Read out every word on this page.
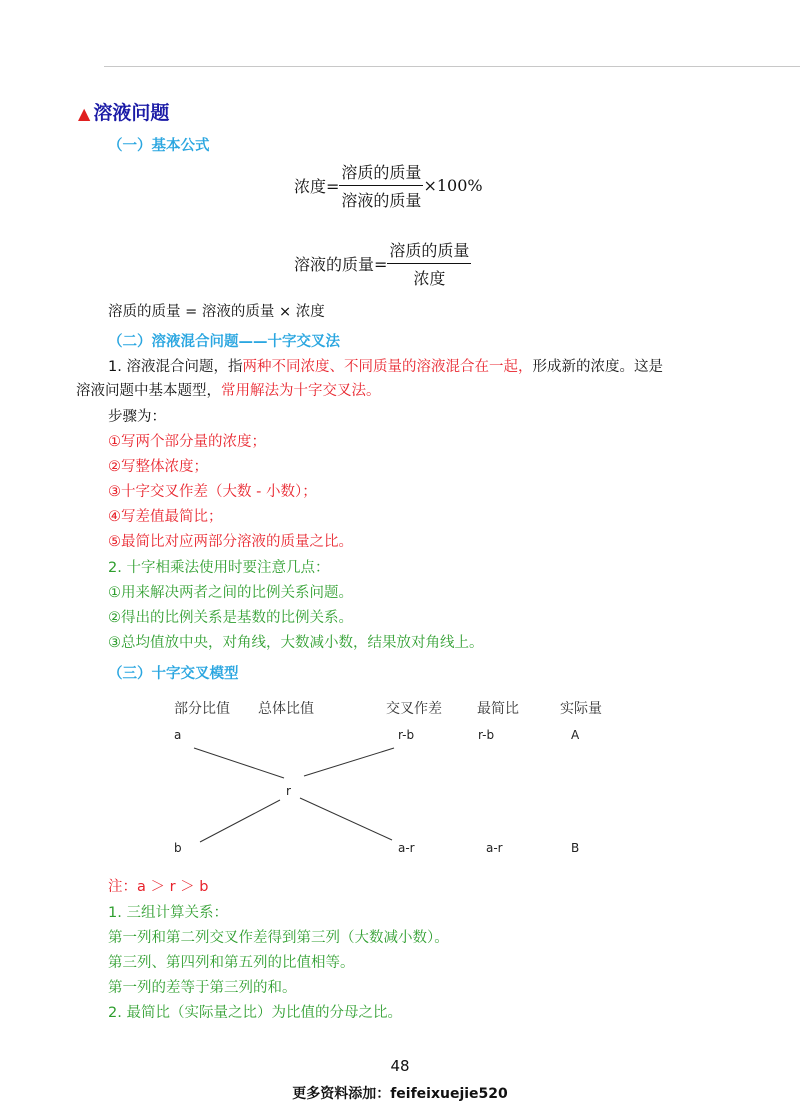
▲ 溶液问题
（一）基本公式
浓度= $\frac{\text{溶质的质量}}{\text{溶液的质量}} \times 100\%$
溶液的质量= $\frac{\text{溶质的质量}}{\text{浓度}}$
溶质的质量 = 溶液的质量 × 浓度
（二）溶液混合问题——十字交叉法
1. 溶液混合问题，指两种不同浓度、不同质量的溶液混合在一起，形成新的浓度。这是
溶液问题中基本题型，常用解法为十字交叉法。
步骤为：
①写两个部分量的浓度；
②写整体浓度；
③十字交叉作差（大数 - 小数）；
④写差值最简比；
⑤最简比对应两部分溶液的质量之比。
2. 十字相乘法使用时要注意几点：
①用来解决两者之间的比例关系问题。
②得出的比例关系是基数的比例关系。
③总均值放中央，对角线，大数减小数，结果放对角线上。
（三）十字交叉模型
部分比值 总体比值	交叉作差	最简比	实际量
a	r-b	r-b	A
r
b	a-r	a-r	B
注：a ＞ r ＞ b
1. 三组计算关系：
第一列和第二列交叉作差得到第三列（大数减小数）。
第三列、第四列和第五列的比值相等。
第一列的差等于第三列的和。
2. 最简比（实际量之比）为比值的分母之比。
48
更多资料添加：feifeixuejie520
